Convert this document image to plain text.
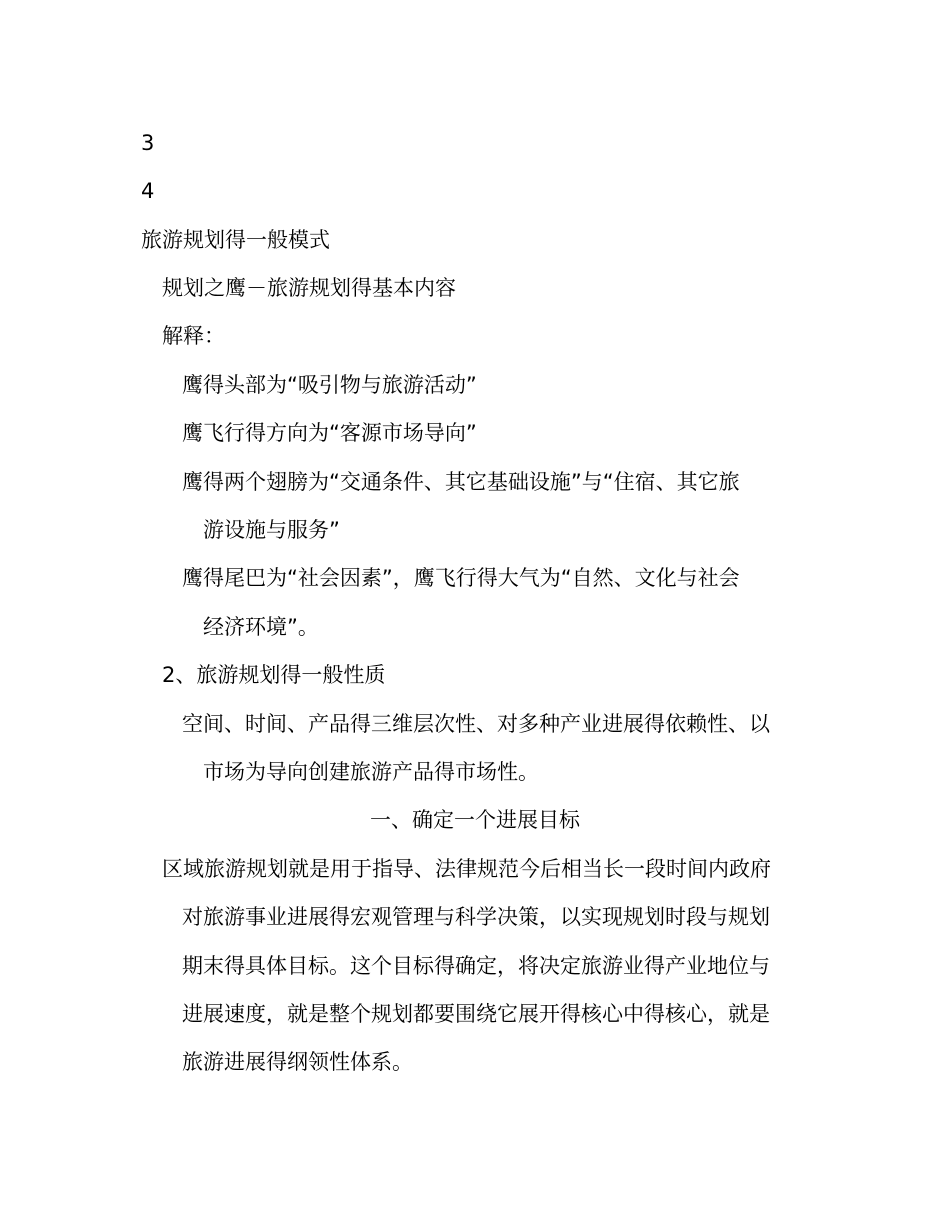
3
4
旅游规划得一般模式
规划之鹰－旅游规划得基本内容
解释：
鹰得头部为“吸引物与旅游活动”
鹰飞行得方向为“客源市场导向”
鹰得两个翅膀为“交通条件、其它基础设施”与“住宿、其它旅
游设施与服务”
鹰得尾巴为“社会因素”，鹰飞行得大气为“自然、文化与社会
经济环境”。
2、旅游规划得一般性质
空间、时间、产品得三维层次性、对多种产业进展得依赖性、以
市场为导向创建旅游产品得市场性。
一、确定一个进展目标
区域旅游规划就是用于指导、法律规范今后相当长一段时间内政府
对旅游事业进展得宏观管理与科学决策，以实现规划时段与规划
期末得具体目标。这个目标得确定，将决定旅游业得产业地位与
进展速度，就是整个规划都要围绕它展开得核心中得核心，就是
旅游进展得纲领性体系。
